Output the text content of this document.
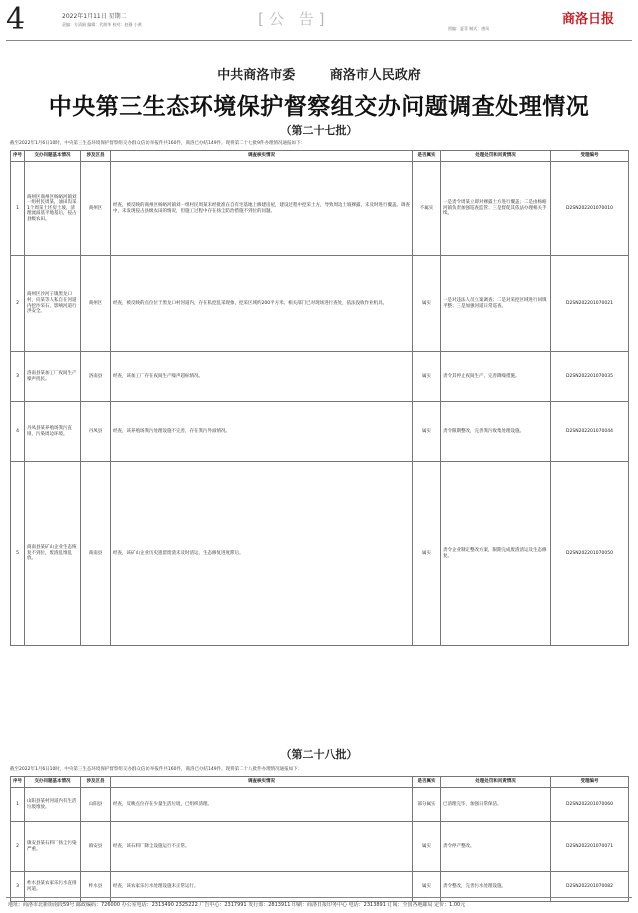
4	2022年1月11日 星期二
责编：方清娟 编辑：代朋华 校对：赵静 小黄	[公 告]
图编：夏菲 制式：唐凤
商洛日报
中共商洛市委 商洛市人民政府
中央第三生态环境保护督察组交办问题调查处理情况
（第二十七批）
截至2022年1月6日10时，中央第三生态环境保护督察组交办群众信访举报件共160件，商洛已办结149件。现将第二十七批9件办理情况通报如下：
序号	交办问题基本情况	涉及区县	调查核实情况	是否属实	处理处罚和问责情况	受理编号
1	商州区商州区杨峪河镇刘一组村民周某，油田沟采1个周采土坯房土坡，清理流溢基平地基后，侵占县级农田。	商州区	经查，被反映的商州区杨峪河镇刘一组村民周某未经批准在自有宅基地上修建房屋，建设过程中挖采土方，导致周边土坡裸露，未及时进行覆盖。调查中，未发现侵占县级农田的情况，但施工过程中存在扬尘防治措施不到位的问题。	不属实	一是责令周某立即对裸露土方进行覆盖；二是由杨峪河镇负责加强巡查监管；三是督促其依法办理相关手续。	D2SN202201070010
2	商州区沙河子镇黑龙口村，向某等人私自在河道内挖沙采石，影响河道行洪安全。	商州区	经查，被反映的点位位于黑龙口村河道内，存在私挖乱采现象，挖采区域约200平方米。相关部门已对现场进行查处，依法没收作业机具。	属实	一是对违法人员立案调查；二是对采挖区域进行回填平整；三是加强河道日常巡查。	D2SN202201070021
3	洛南县某加工厂夜间生产噪声扰民。	洛南县	经查，该加工厂存在夜间生产噪声超标情况。	属实	责令其停止夜间生产，完善降噪措施。	D2SN202201070035
4	丹凤县某养殖场粪污直排，污染周边环境。	丹凤县	经查，该养殖场粪污处理设施不完善，存在粪污外溢情况。	属实	责令限期整改，完善粪污收集处理设施。	D2SN202201070044
5	商南县某矿山企业生态恢复不到位，废渣乱堆乱放。	商南县	经查，该矿山企业历史遗留废渣未及时清运，生态修复进度滞后。	属实	责令企业制定整改方案，限期完成废渣清运及生态修复。	D2SN202201070050
（第二十八批）
截至2022年1月6日10时，中央第三生态环境保护督察组交办群众信访举报件共160件，商洛已办结149件。现将第二十八批件办理情况通报如下：
序号	交办问题基本情况	涉及区县	调查核实情况	是否属实	处理处罚和问责情况	受理编号
1	山阳县某村河道内有生活垃圾堆放。	山阳县	经查，反映点位存在少量生活垃圾，已组织清理。	部分属实	已清理完毕，加强日常保洁。	D2SN202201070060
2	镇安县某石料厂扬尘污染严重。	镇安县	经查，该石料厂降尘设施运行不正常。	属实	责令停产整改。	D2SN202201070071
3	柞水县某农家乐污水直排河道。	柞水县	经查，该农家乐污水处理设施未正常运行。	属实	责令整改，完善污水处理设施。	D2SN202201070082
地址：商洛市北新街南段59号 邮政编码：726000 办公室电话：2313490 2325222 广告中心：2317991 发行部：2813911 印刷：商洛日报印务中心 电话：2313891 订阅：全国各地邮局 定价：1.00元
